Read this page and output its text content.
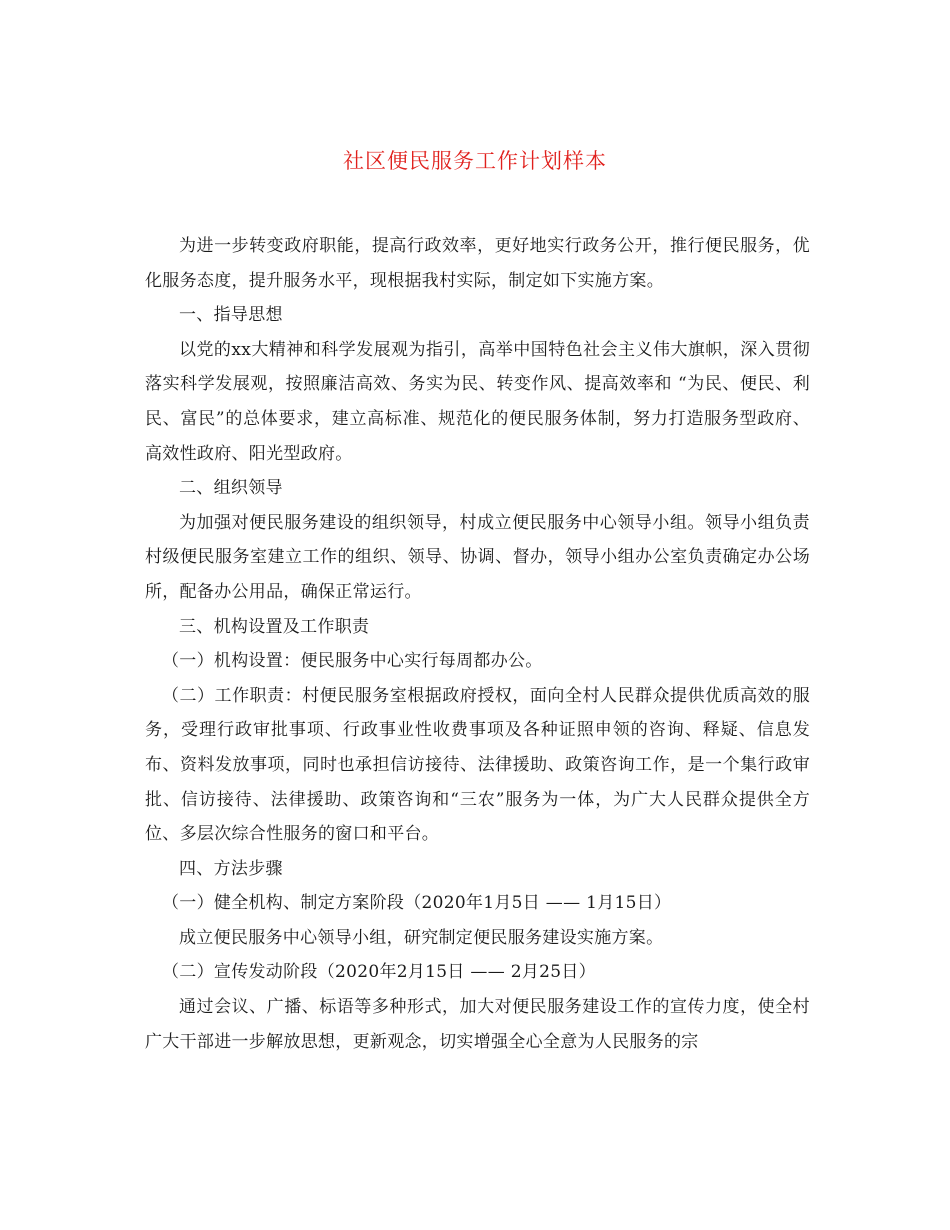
社区便民服务工作计划样本

为进一步转变政府职能，提高行政效率，更好地实行政务公开，推行便民服务，优化服务态度，提升服务水平，现根据我村实际，制定如下实施方案。

一、指导思想

以党的xx大精神和科学发展观为指引，高举中国特色社会主义伟大旗帜，深入贯彻落实科学发展观，按照廉洁高效、务实为民、转变作风、提高效率和 “为民、便民、利民、富民”的总体要求，建立高标准、规范化的便民服务体制，努力打造服务型政府、高效性政府、阳光型政府。

二、组织领导

为加强对便民服务建设的组织领导，村成立便民服务中心领导小组。领导小组负责村级便民服务室建立工作的组织、领导、协调、督办，领导小组办公室负责确定办公场所，配备办公用品，确保正常运行。

三、机构设置及工作职责

（一）机构设置：便民服务中心实行每周都办公。

（二）工作职责：村便民服务室根据政府授权，面向全村人民群众提供优质高效的服务，受理行政审批事项、行政事业性收费事项及各种证照申领的咨询、释疑、信息发布、资料发放事项，同时也承担信访接待、法律援助、政策咨询工作，是一个集行政审批、信访接待、法律援助、政策咨询和“三农”服务为一体，为广大人民群众提供全方位、多层次综合性服务的窗口和平台。

四、方法步骤

（一）健全机构、制定方案阶段（2020年1月5日 —— 1月15日）

成立便民服务中心领导小组，研究制定便民服务建设实施方案。

（二）宣传发动阶段（2020年2月15日 —— 2月25日）

通过会议、广播、标语等多种形式，加大对便民服务建设工作的宣传力度，使全村广大干部进一步解放思想，更新观念，切实增强全心全意为人民服务的宗
